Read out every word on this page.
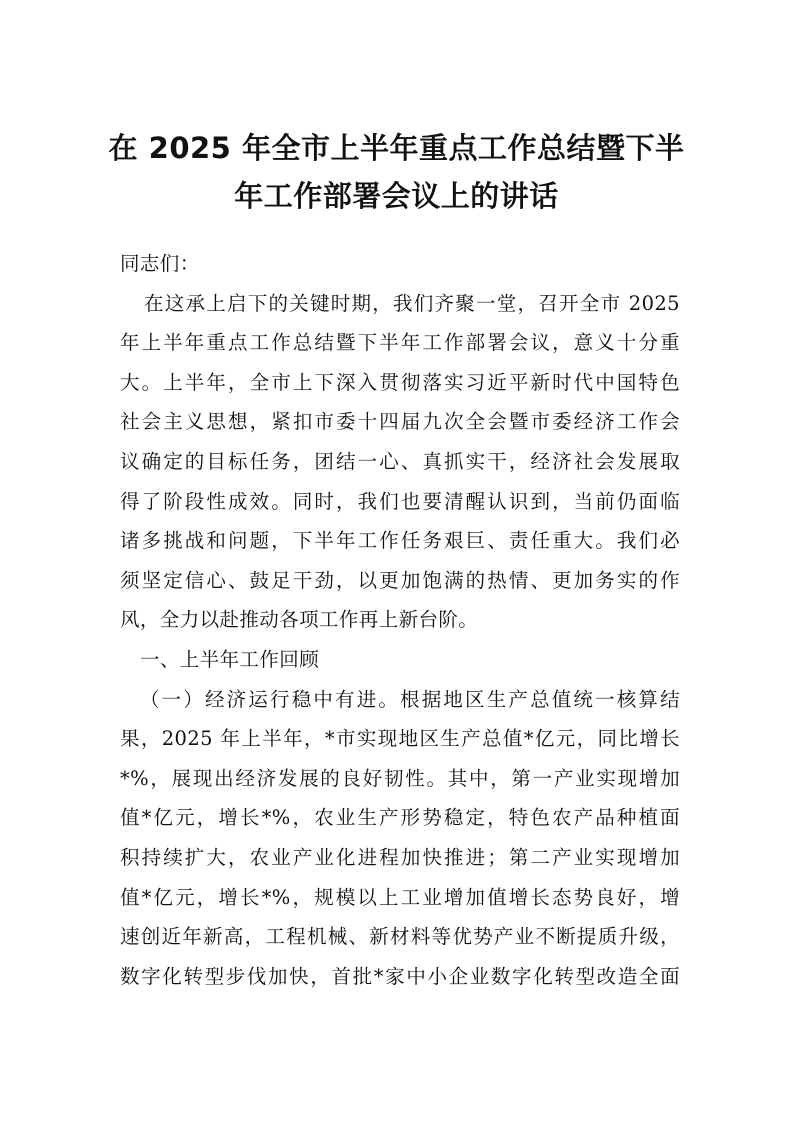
在 2025 年全市上半年重点工作总结暨下半
年工作部署会议上的讲话
同志们：
在这承上启下的关键时期，我们齐聚一堂，召开全市 2025
年上半年重点工作总结暨下半年工作部署会议，意义十分重
大。上半年，全市上下深入贯彻落实习近平新时代中国特色
社会主义思想，紧扣市委十四届九次全会暨市委经济工作会
议确定的目标任务，团结一心、真抓实干，经济社会发展取
得了阶段性成效。同时，我们也要清醒认识到，当前仍面临
诸多挑战和问题，下半年工作任务艰巨、责任重大。我们必
须坚定信心、鼓足干劲，以更加饱满的热情、更加务实的作
风，全力以赴推动各项工作再上新台阶。
一、上半年工作回顾
（一）经济运行稳中有进。根据地区生产总值统一核算结
果，2025 年上半年，*市实现地区生产总值*亿元，同比增长
*%，展现出经济发展的良好韧性。其中，第一产业实现增加
值*亿元，增长*%，农业生产形势稳定，特色农产品种植面
积持续扩大，农业产业化进程加快推进；第二产业实现增加
值*亿元，增长*%，规模以上工业增加值增长态势良好，增
速创近年新高，工程机械、新材料等优势产业不断提质升级，
数字化转型步伐加快，首批*家中小企业数字化转型改造全面
